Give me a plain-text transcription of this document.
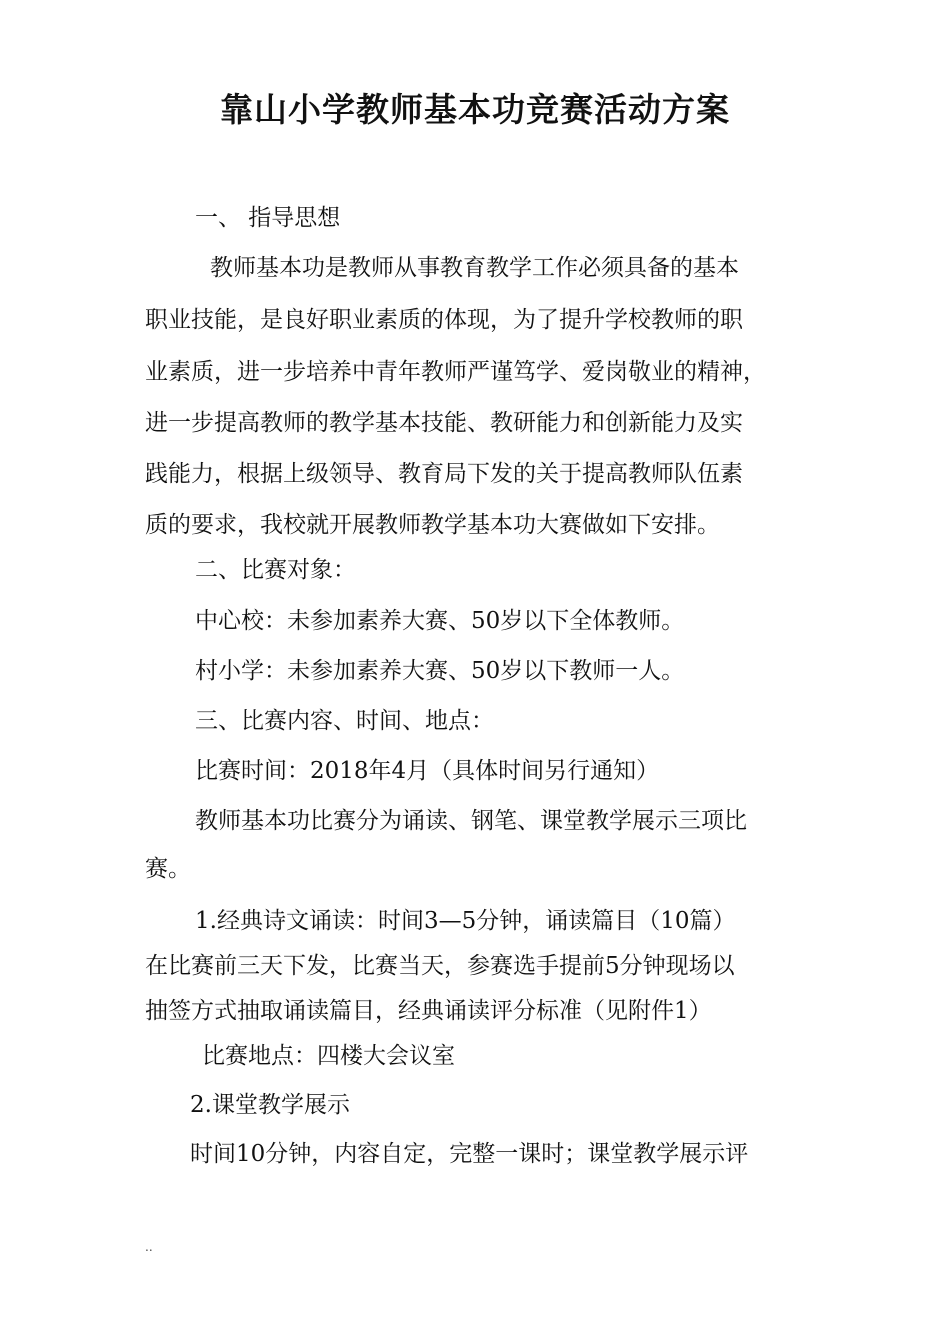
靠山小学教师基本功竞赛活动方案
一、 指导思想
教师基本功是教师从事教育教学工作必须具备的基本
职业技能，是良好职业素质的体现，为了提升学校教师的职
业素质，进一步培养中青年教师严谨笃学、爱岗敬业的精神，
进一步提高教师的教学基本技能、教研能力和创新能力及实
践能力，根据上级领导、教育局下发的关于提高教师队伍素
质的要求，我校就开展教师教学基本功大赛做如下安排。
二、比赛对象：
中心校：未参加素养大赛、50岁以下全体教师。
村小学：未参加素养大赛、50岁以下教师一人。
三、比赛内容、时间、地点：
比赛时间：2018年4月（具体时间另行通知）
教师基本功比赛分为诵读、钢笔、课堂教学展示三项比
赛。
1.经典诗文诵读：时间3—5分钟，诵读篇目（10篇）
在比赛前三天下发，比赛当天，参赛选手提前5分钟现场以
抽签方式抽取诵读篇目，经典诵读评分标准（见附件1）
比赛地点：四楼大会议室
2.课堂教学展示
时间10分钟，内容自定，完整一课时；课堂教学展示评
..
